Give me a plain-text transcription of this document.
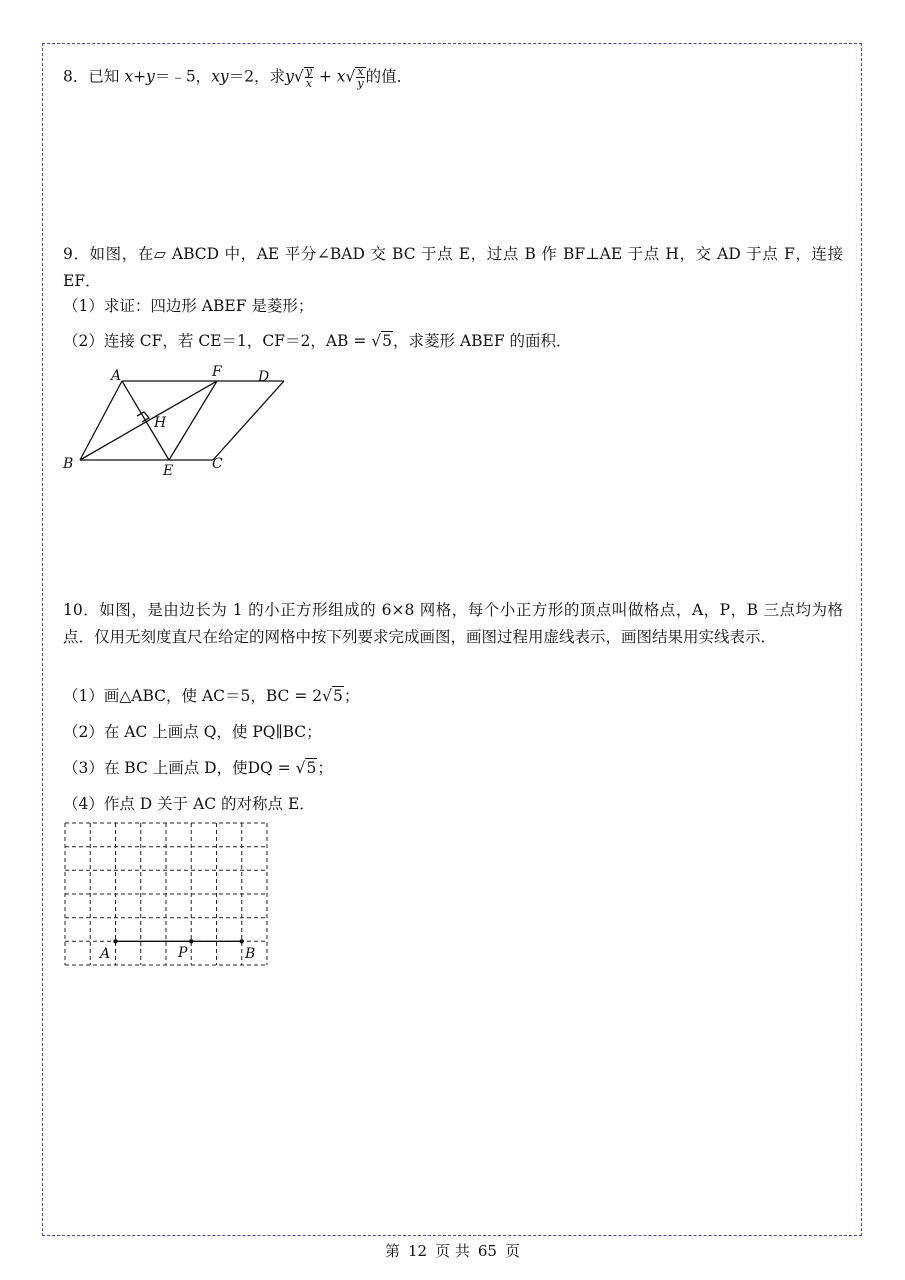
8．已知 x+y＝﹣5，xy＝2，求$y√ \frac{y}{x} + x√ \frac{x}{y}$ 的值．
9．如图，在▱ ABCD 中，AE 平分∠BAD 交 BC 于点 E，过点 B 作 BF⊥AE 于点 H，交 AD 于点 F，连接 EF．
（1）求证：四边形 ABEF 是菱形；
（2）连接 CF，若 CE＝1，CF＝2，AB = √5，求菱形 ABEF 的面积．
A	F	D
H
B	E	C
10．如图，是由边长为 1 的小正方形组成的 6×8 网格，每个小正方形的顶点叫做格点，A，P，B 三点均为格点．仅用无刻度直尺在给定的网格中按下列要求完成画图，画图过程用虚线表示，画图结果用实线表示．
（1）画△ABC，使 AC＝5，BC = 2√5；
（2）在 AC 上画点 Q，使 PQ∥BC；
（3）在 BC 上画点 D，使DQ = √5；
（4）作点 D 关于 AC 的对称点 E．
A	P	B
第 12 页 共 65 页
